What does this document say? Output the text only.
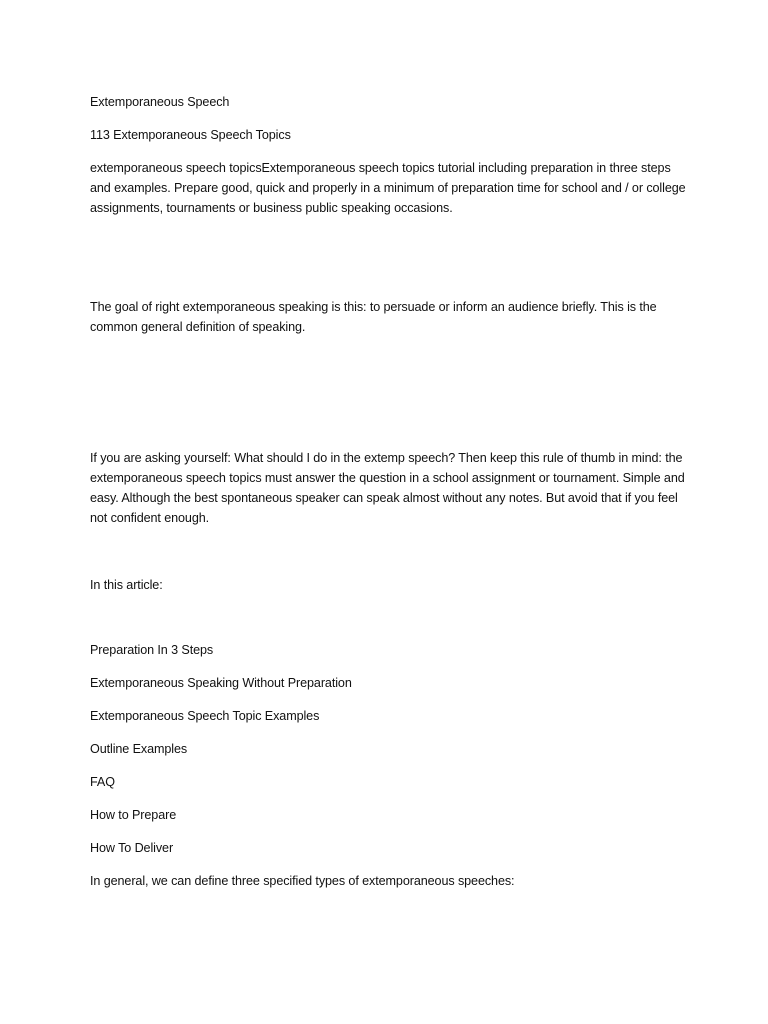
Extemporaneous Speech

113 Extemporaneous Speech Topics

extemporaneous speech topicsExtemporaneous speech topics tutorial including preparation in three steps and examples. Prepare good, quick and properly in a minimum of preparation time for school and / or college assignments, tournaments or business public speaking occasions.

The goal of right extemporaneous speaking is this: to persuade or inform an audience briefly. This is the common general definition of speaking.

If you are asking yourself: What should I do in the extemp speech? Then keep this rule of thumb in mind: the extemporaneous speech topics must answer the question in a school assignment or tournament. Simple and easy. Although the best spontaneous speaker can speak almost without any notes. But avoid that if you feel not confident enough.

In this article:

Preparation In 3 Steps

Extemporaneous Speaking Without Preparation

Extemporaneous Speech Topic Examples

Outline Examples

FAQ

How to Prepare

How To Deliver

In general, we can define three specified types of extemporaneous speeches:
